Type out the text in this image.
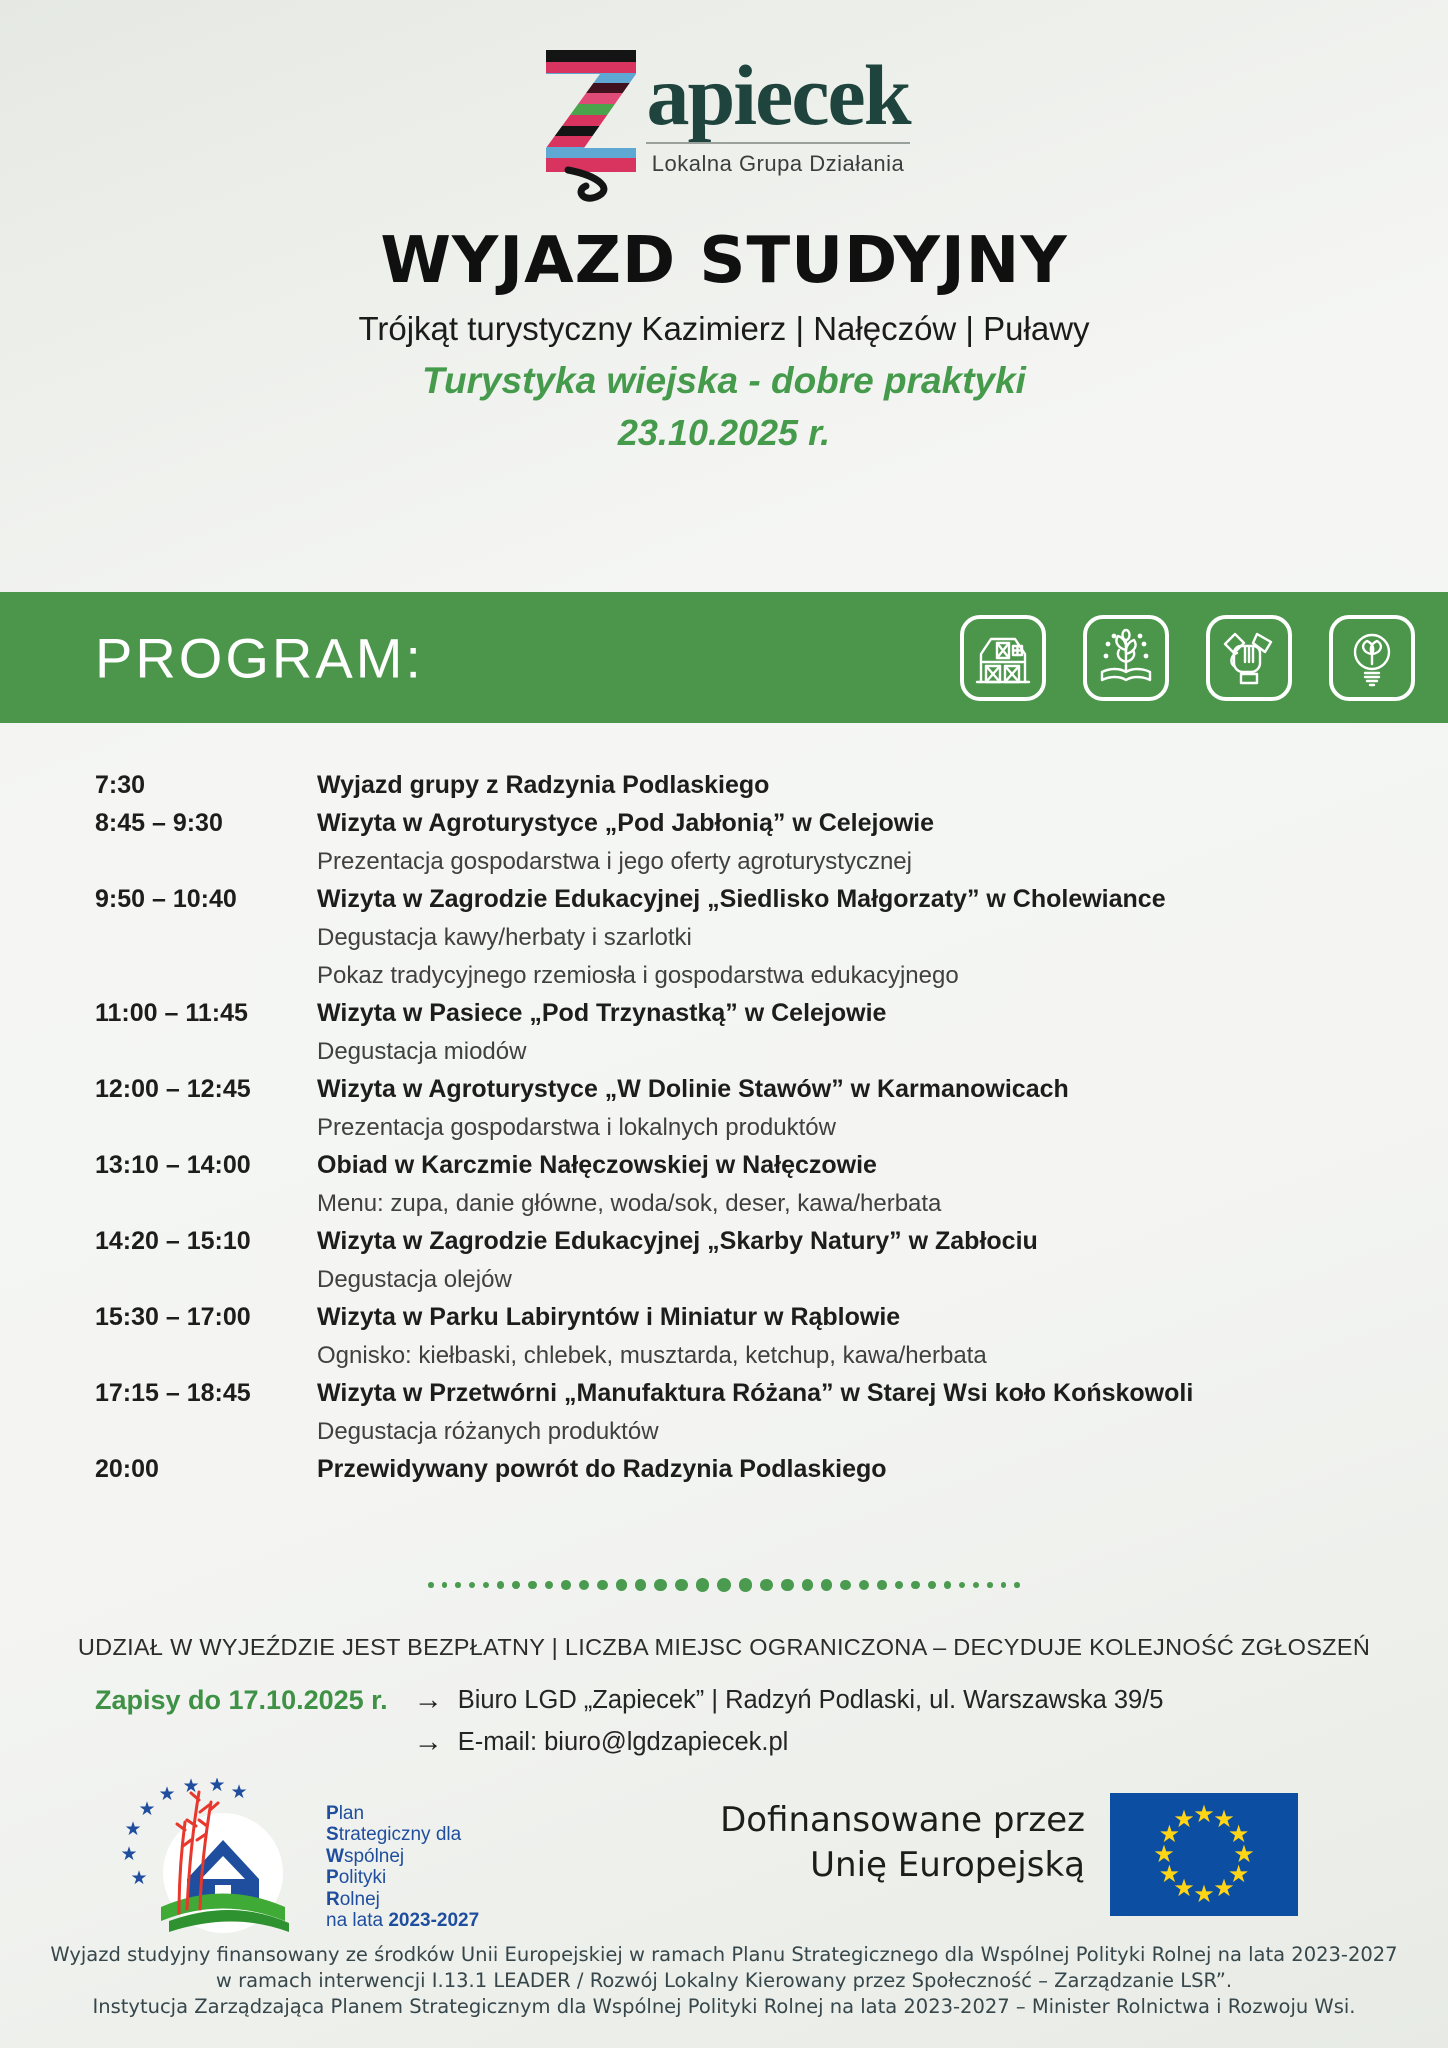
apiecek
Lokalna Grupa Działania
WYJAZD STUDYJNY
Trójkąt turystyczny Kazimierz | Nałęczów | Puławy
Turystyka wiejska - dobre praktyki
23.10.2025 r.
PROGRAM:
7:30	Wyjazd grupy z Radzynia Podlaskiego
8:45 – 9:30	Wizyta w Agroturystyce „Pod Jabłonią” w Celejowie
Prezentacja gospodarstwa i jego oferty agroturystycznej
9:50 – 10:40	Wizyta w Zagrodzie Edukacyjnej „Siedlisko Małgorzaty” w Cholewiance
Degustacja kawy/herbaty i szarlotki
Pokaz tradycyjnego rzemiosła i gospodarstwa edukacyjnego
11:00 – 11:45	Wizyta w Pasiece „Pod Trzynastką” w Celejowie
Degustacja miodów
12:00 – 12:45	Wizyta w Agroturystyce „W Dolinie Stawów” w Karmanowicach
Prezentacja gospodarstwa i lokalnych produktów
13:10 – 14:00	Obiad w Karczmie Nałęczowskiej w Nałęczowie
Menu: zupa, danie główne, woda/sok, deser, kawa/herbata
14:20 – 15:10	Wizyta w Zagrodzie Edukacyjnej „Skarby Natury” w Zabłociu
Degustacja olejów
15:30 – 17:00	Wizyta w Parku Labiryntów i Miniatur w Rąblowie
Ognisko: kiełbaski, chlebek, musztarda, ketchup, kawa/herbata
17:15 – 18:45	Wizyta w Przetwórni „Manufaktura Różana” w Starej Wsi koło Końskowoli
Degustacja różanych produktów
20:00	Przewidywany powrót do Radzynia Podlaskiego
UDZIAŁ W WYJEŹDZIE JEST BEZPŁATNY | LICZBA MIEJSC OGRANICZONA – DECYDUJE KOLEJNOŚĆ ZGŁOSZEŃ
Zapisy do 17.10.2025 r. → Biuro LGD „Zapiecek” | Radzyń Podlaski, ul. Warszawska 39/5
→ E-mail: biuro@lgdzapiecek.pl
★
★
★
★
★ ★ ★ ★
Plan
Strategiczny dla
Wspólnej
Polityki
Rolnej
na lata 2023-2027
Dofinansowane przez
Unię Europejską
★
★
★
★
★
★
★
★
★
★
★
★
Wyjazd studyjny finansowany ze środków Unii Europejskiej w ramach Planu Strategicznego dla Wspólnej Polityki Rolnej na lata 2023-2027
w ramach interwencji I.13.1 LEADER / Rozwój Lokalny Kierowany przez Społeczność – Zarządzanie LSR”.
Instytucja Zarządzająca Planem Strategicznym dla Wspólnej Polityki Rolnej na lata 2023-2027 – Minister Rolnictwa i Rozwoju Wsi.
